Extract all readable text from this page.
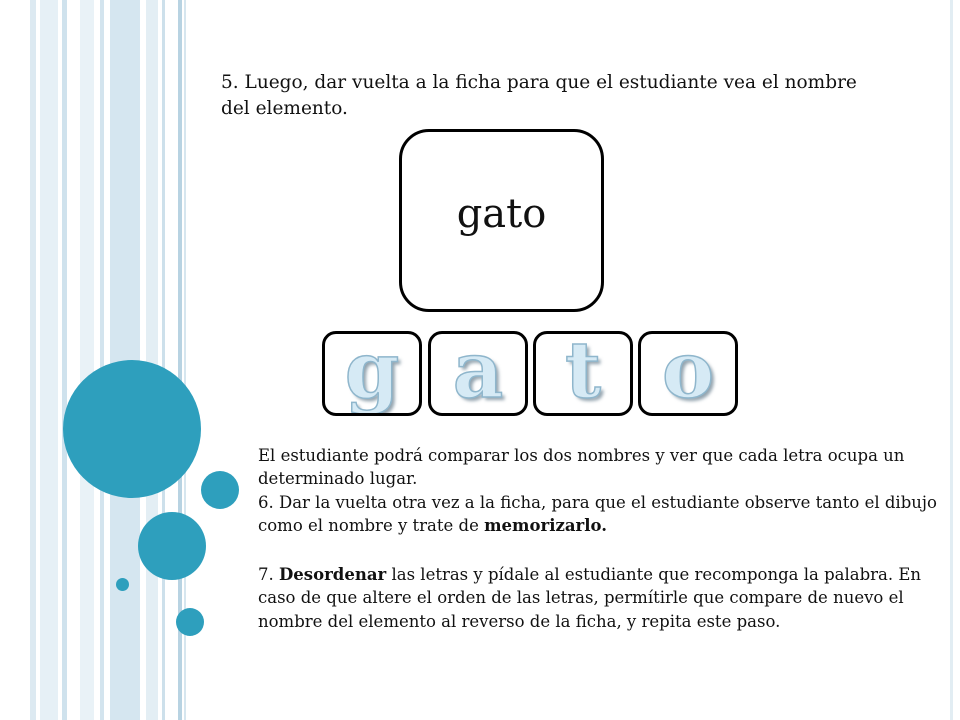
5. Luego, dar vuelta a la ficha para que el estudiante vea el nombre del elemento.
gato
g a t o
El estudiante podrá comparar los dos nombres y ver que cada letra ocupa un determinado lugar.
6. Dar la vuelta otra vez a la ficha, para que el estudiante observe tanto el dibujo como el nombre y trate de memorizarlo.
7. Desordenar las letras y pídale al estudiante que recomponga la palabra. En caso de que altere el orden de las letras, permítirle que compare de nuevo el nombre del elemento al reverso de la ficha, y repita este paso.
